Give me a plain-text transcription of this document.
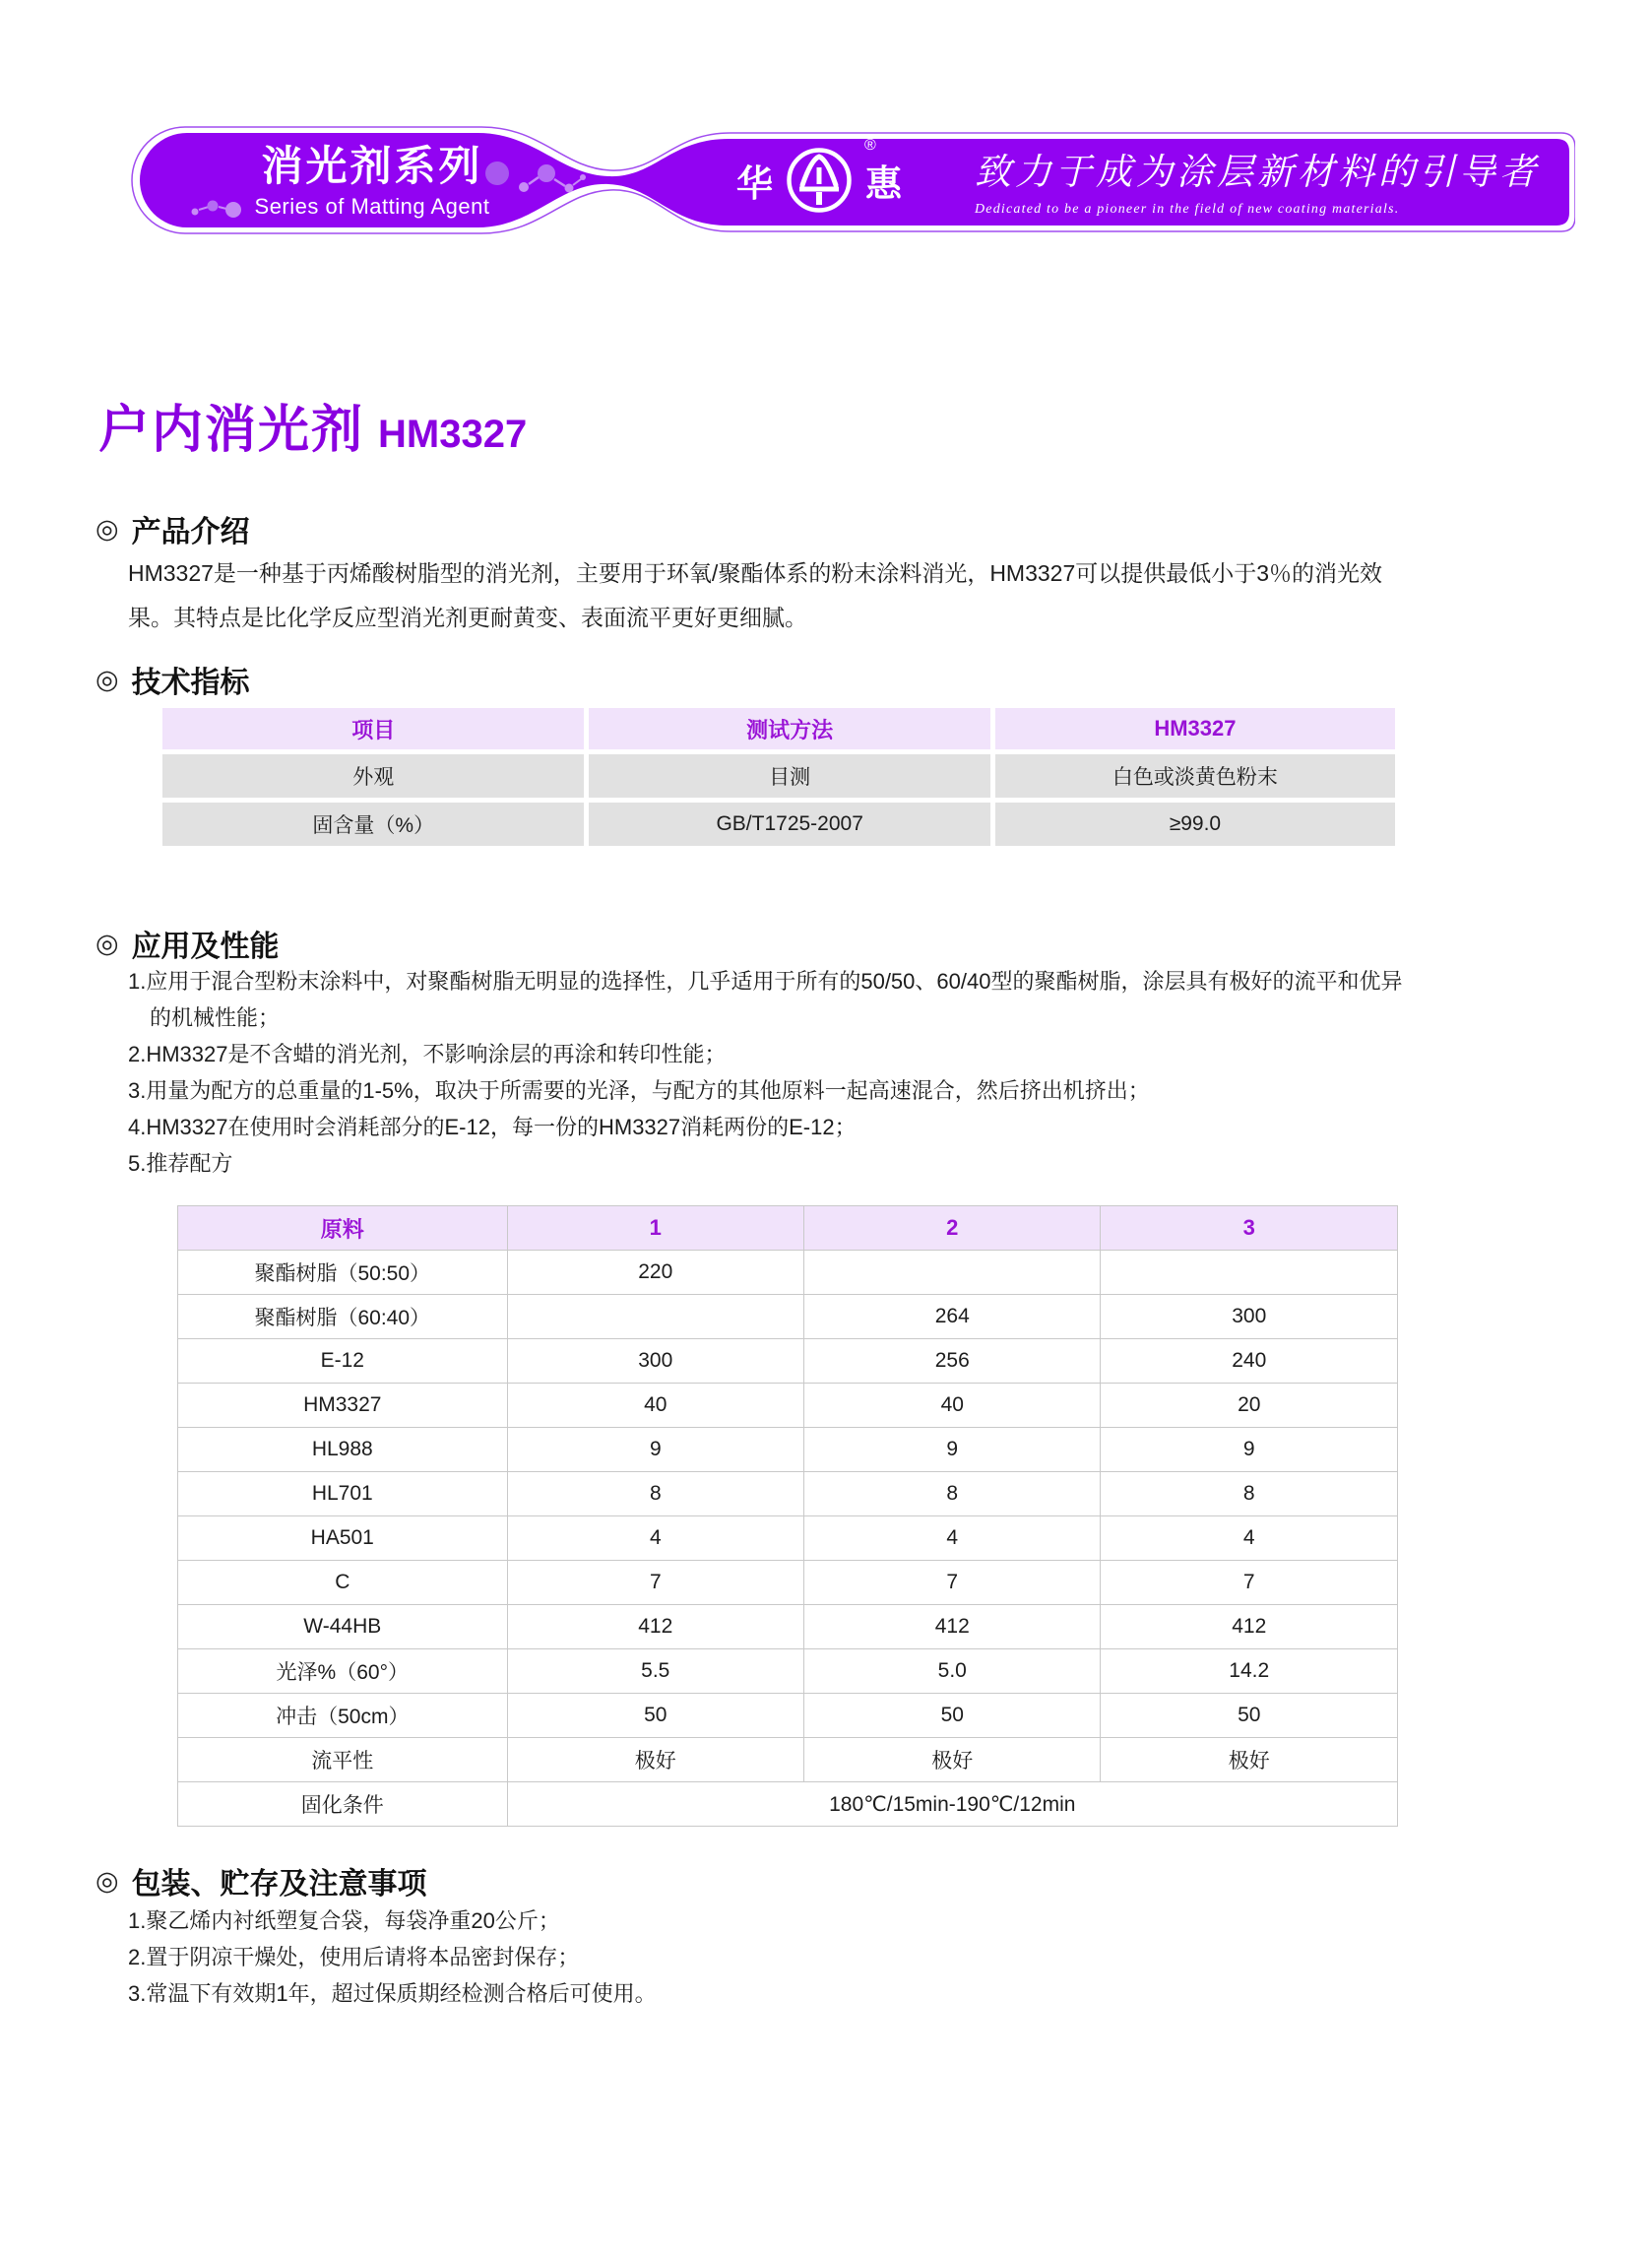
消光剂系列
Series of Matting Agent
华	惠
®
致力于成为涂层新材料的引导者
Dedicated to be a pioneer in the field of new coating materials.
户内消光剂 HM3327
◎ 产品介绍
HM3327是一种基于丙烯酸树脂型的消光剂，主要用于环氧/聚酯体系的粉末涂料消光，HM3327可以提供最低小于3％的消光效果。其特点是比化学反应型消光剂更耐黄变、表面流平更好更细腻。
◎ 技术指标
项目	测试方法	HM3327
外观	目测	白色或淡黄色粉末
固含量（%）	GB/T1725-2007	≥99.0
◎ 应用及性能
1.应用于混合型粉末涂料中，对聚酯树脂无明显的选择性，几乎适用于所有的50/50、60/40型的聚酯树脂，涂层具有极好的流平和优异的机械性能；
2.HM3327是不含蜡的消光剂，不影响涂层的再涂和转印性能；
3.用量为配方的总重量的1-5%，取决于所需要的光泽，与配方的其他原料一起高速混合，然后挤出机挤出；
4.HM3327在使用时会消耗部分的E-12，每一份的HM3327消耗两份的E-12；
5.推荐配方
原料	1	2	3
聚酯树脂（50:50）	220		
聚酯树脂（60:40）		264	300
E-12	300	256	240
HM3327	40	40	20
HL988	9	9	9
HL701	8	8	8
HA501	4	4	4
C	7	7	7
W-44HB	412	412	412
光泽%（60°）	5.5	5.0	14.2
冲击（50cm）	50	50	50
流平性	极好	极好	极好
固化条件	180℃/15min-190℃/12min		
◎ 包装、贮存及注意事项
1.聚乙烯内衬纸塑复合袋，每袋净重20公斤；
2.置于阴凉干燥处，使用后请将本品密封保存；
3.常温下有效期1年，超过保质期经检测合格后可使用。
